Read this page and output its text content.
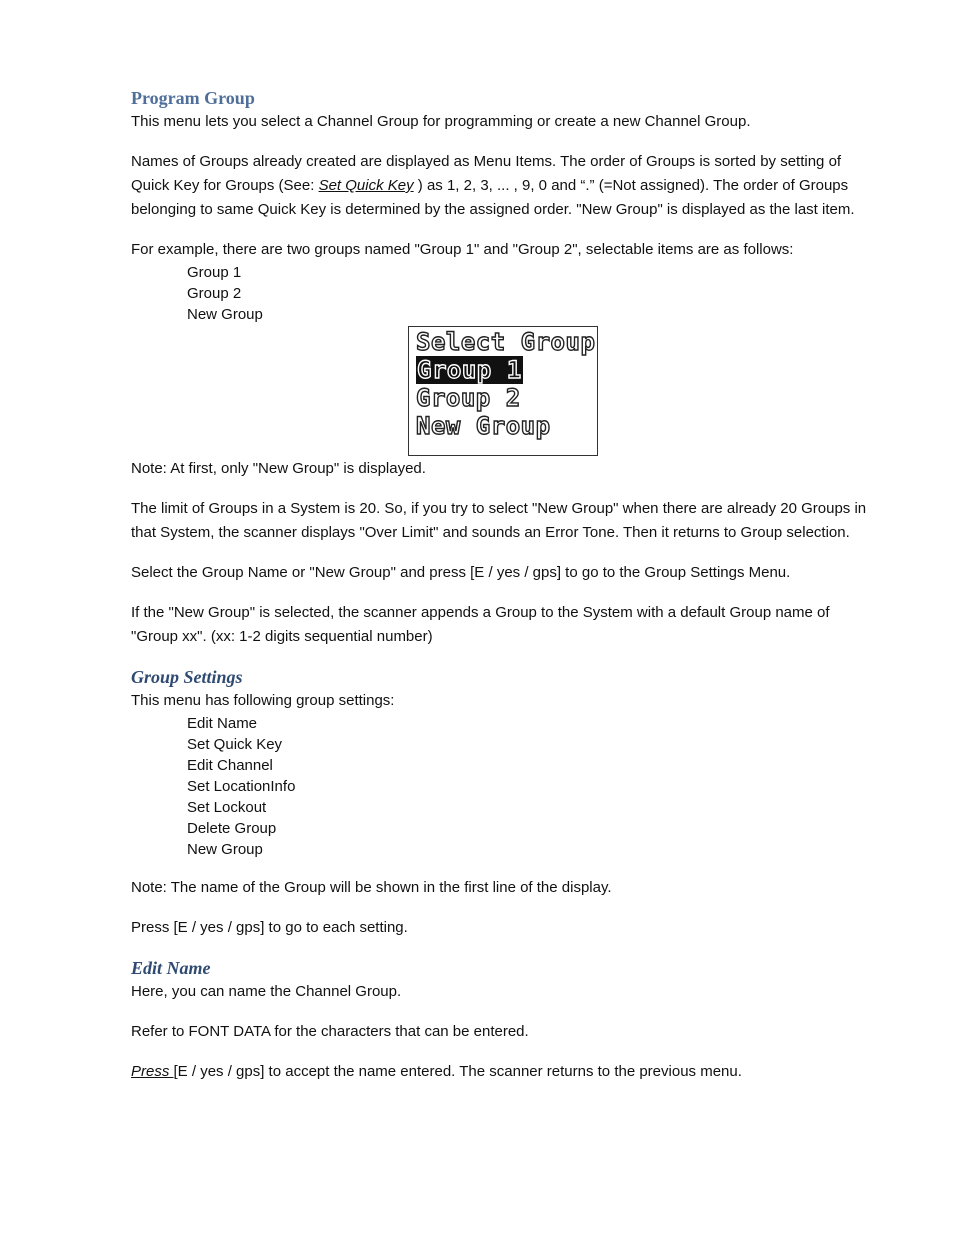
Program Group

This menu lets you select a Channel Group for programming or create a new Channel Group.

Names of Groups already created are displayed as Menu Items. The order of Groups is sorted by setting of Quick Key for Groups (See: Set Quick Key ) as 1, 2, 3, ... , 9, 0 and “.” (=Not assigned). The order of Groups belonging to same Quick Key is determined by the assigned order. "New Group" is displayed as the last item.

For example, there are two groups named "Group 1" and "Group 2", selectable items are as follows:

Group 1
Group 2
New Group
Select Group
Group 1
Group 2
New Group

Note: At first, only "New Group" is displayed.

The limit of Groups in a System is 20. So, if you try to select "New Group" when there are already 20 Groups in that System, the scanner displays "Over Limit" and sounds an Error Tone. Then it returns to Group selection.

Select the Group Name or "New Group" and press [E / yes / gps] to go to the Group Settings Menu.

If the "New Group" is selected, the scanner appends a Group to the System with a default Group name of "Group xx". (xx: 1-2 digits sequential number)

Group Settings

This menu has following group settings:

Edit Name
Set Quick Key
Edit Channel
Set LocationInfo
Set Lockout
Delete Group
New Group

Note: The name of the Group will be shown in the first line of the display.

Press [E / yes / gps] to go to each setting.

Edit Name

Here, you can name the Channel Group.

Refer to FONT DATA for the characters that can be entered.

Press [E / yes / gps] to accept the name entered. The scanner returns to the previous menu.
